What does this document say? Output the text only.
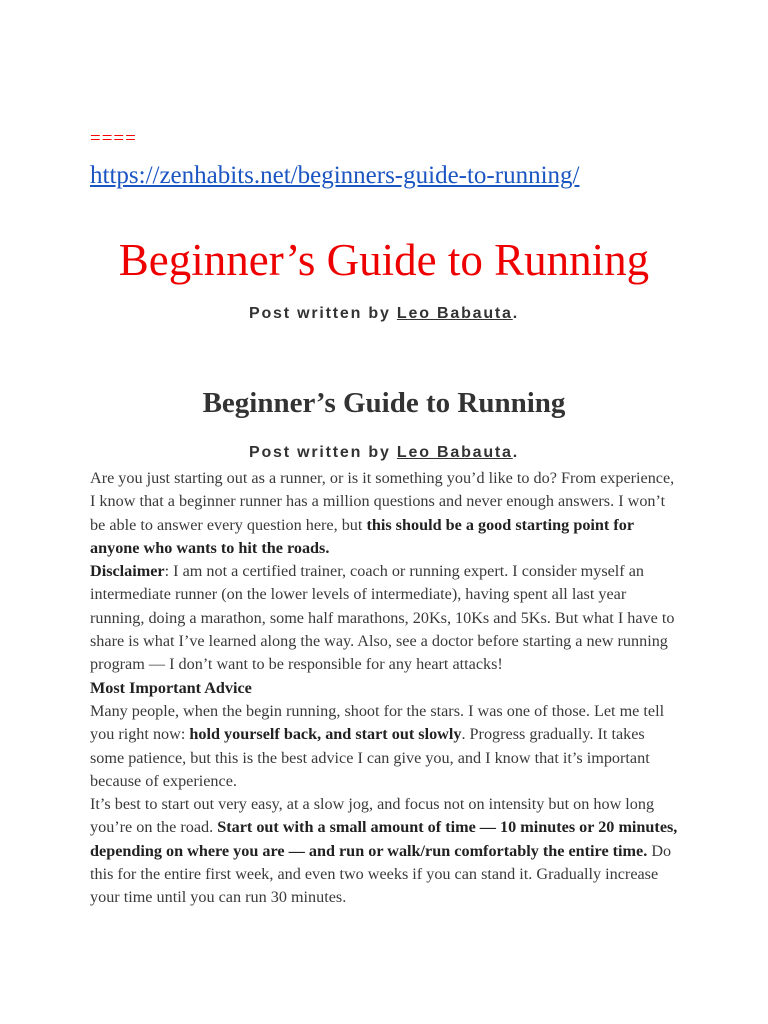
====
https://zenhabits.net/beginners-guide-to-running/
Beginner’s Guide to Running
Post written by Leo Babauta.
Beginner’s Guide to Running
Post written by Leo Babauta.

Are you just starting out as a runner, or is it something you’d like to do? From experience, I know that a beginner runner has a million questions and never enough answers. I won’t be able to answer every question here, but this should be a good starting point for anyone who wants to hit the roads.

Disclaimer: I am not a certified trainer, coach or running expert. I consider myself an intermediate runner (on the lower levels of intermediate), having spent all last year running, doing a marathon, some half marathons, 20Ks, 10Ks and 5Ks. But what I have to share is what I’ve learned along the way. Also, see a doctor before starting a new running program — I don’t want to be responsible for any heart attacks!

Most Important Advice

Many people, when the begin running, shoot for the stars. I was one of those. Let me tell you right now: hold yourself back, and start out slowly. Progress gradually. It takes some patience, but this is the best advice I can give you, and I know that it’s important because of experience.

It’s best to start out very easy, at a slow jog, and focus not on intensity but on how long you’re on the road. Start out with a small amount of time — 10 minutes or 20 minutes, depending on where you are — and run or walk/run comfortably the entire time. Do this for the entire first week, and even two weeks if you can stand it. Gradually increase your time until you can run 30 minutes.
